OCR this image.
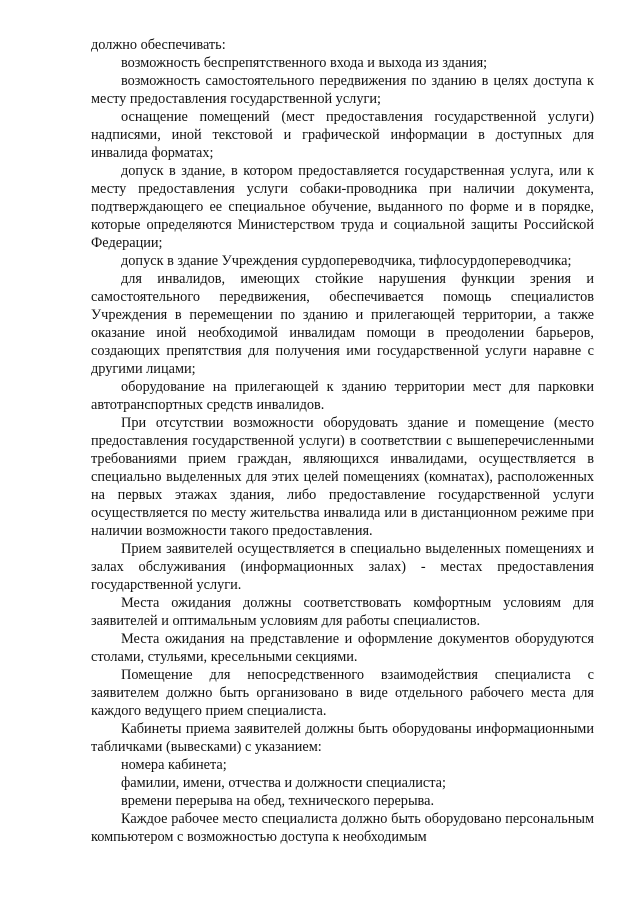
должно обеспечивать:

возможность беспрепятственного входа и выхода из здания;

возможность самостоятельного передвижения по зданию в целях доступа к месту предоставления государственной услуги;

оснащение помещений (мест предоставления государственной услуги) надписями, иной текстовой и графической информации в доступных для инвалида форматах;

допуск в здание, в котором предоставляется государственная услуга, или к месту предоставления услуги собаки-проводника при наличии документа, подтверждающего ее специальное обучение, выданного по форме и в порядке, которые определяются Министерством труда и социальной защиты Российской Федерации;

допуск в здание Учреждения сурдопереводчика, тифлосурдопереводчика;

для инвалидов, имеющих стойкие нарушения функции зрения и самостоятельного передвижения, обеспечивается помощь специалистов Учреждения в перемещении по зданию и прилегающей территории, а также оказание иной необходимой инвалидам помощи в преодолении барьеров, создающих препятствия для получения ими государственной услуги наравне с другими лицами;

оборудование на прилегающей к зданию территории мест для парковки автотранспортных средств инвалидов.

При отсутствии возможности оборудовать здание и помещение (место предоставления государственной услуги) в соответствии с вышеперечисленными требованиями прием граждан, являющихся инвалидами, осуществляется в специально выделенных для этих целей помещениях (комнатах), расположенных на первых этажах здания, либо предоставление государственной услуги осуществляется по месту жительства инвалида или в дистанционном режиме при наличии возможности такого предоставления.

Прием заявителей осуществляется в специально выделенных помещениях и залах обслуживания (информационных залах) - местах предоставления государственной услуги.

Места ожидания должны соответствовать комфортным условиям для заявителей и оптимальным условиям для работы специалистов.

Места ожидания на представление и оформление документов оборудуются столами, стульями, кресельными секциями.

Помещение для непосредственного взаимодействия специалиста с заявителем должно быть организовано в виде отдельного рабочего места для каждого ведущего прием специалиста.

Кабинеты приема заявителей должны быть оборудованы информационными табличками (вывесками) с указанием:

номера кабинета;

фамилии, имени, отчества и должности специалиста;

времени перерыва на обед, технического перерыва.

Каждое рабочее место специалиста должно быть оборудовано персональным компьютером с возможностью доступа к необходимым
